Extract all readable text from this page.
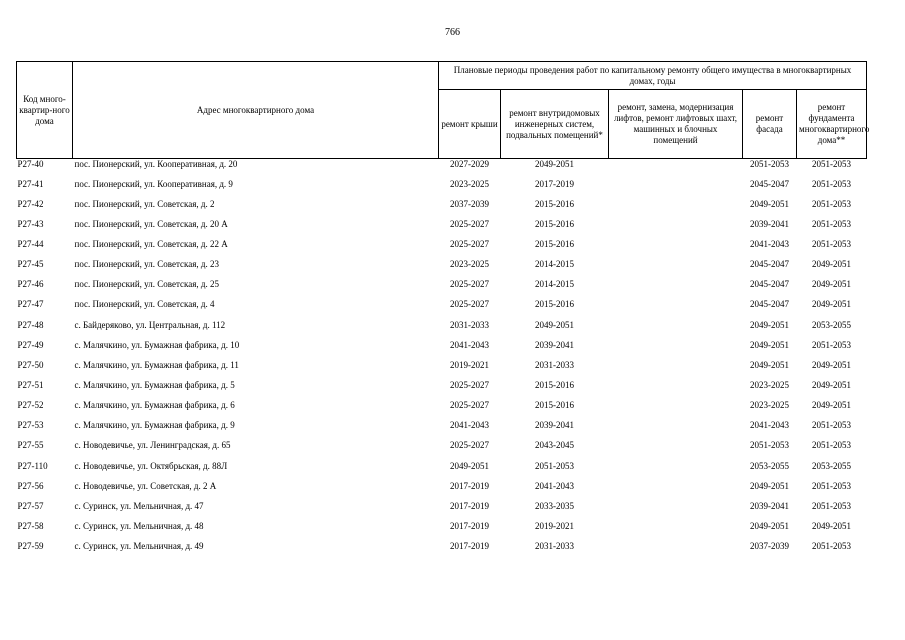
766
Код много-квартир-ного дома	Адрес многоквартирного дома	Плановые периоды проведения работ по капитальному ремонту общего имущества в многоквартирных домах, годы				
		ремонт крыши	ремонт внутридомовых инженерных систем, подвальных помещений*	ремонт, замена, модернизация лифтов, ремонт лифтовых шахт, машинных и блочных помещений	ремонт фасада	ремонт фундамента многоквартирного дома**
P27-40	пос. Пионерский, ул. Кооперативная, д. 20	2027-2029	2049-2051		2051-2053	2051-2053
P27-41	пос. Пионерский, ул. Кооперативная, д. 9	2023-2025	2017-2019		2045-2047	2051-2053
P27-42	пос. Пионерский, ул. Советская, д. 2	2037-2039	2015-2016		2049-2051	2051-2053
P27-43	пос. Пионерский, ул. Советская, д. 20 А	2025-2027	2015-2016		2039-2041	2051-2053
P27-44	пос. Пионерский, ул. Советская, д. 22 А	2025-2027	2015-2016		2041-2043	2051-2053
P27-45	пос. Пионерский, ул. Советская, д. 23	2023-2025	2014-2015		2045-2047	2049-2051
P27-46	пос. Пионерский, ул. Советская, д. 25	2025-2027	2014-2015		2045-2047	2049-2051
P27-47	пос. Пионерский, ул. Советская, д. 4	2025-2027	2015-2016		2045-2047	2049-2051
P27-48	с. Байдеряково, ул. Центральная, д. 112	2031-2033	2049-2051		2049-2051	2053-2055
P27-49	с. Малячкино, ул. Бумажная фабрика, д. 10	2041-2043	2039-2041		2049-2051	2051-2053
P27-50	с. Малячкино, ул. Бумажная фабрика, д. 11	2019-2021	2031-2033		2049-2051	2049-2051
P27-51	с. Малячкино, ул. Бумажная фабрика, д. 5	2025-2027	2015-2016		2023-2025	2049-2051
P27-52	с. Малячкино, ул. Бумажная фабрика, д. 6	2025-2027	2015-2016		2023-2025	2049-2051
P27-53	с. Малячкино, ул. Бумажная фабрика, д. 9	2041-2043	2039-2041		2041-2043	2051-2053
P27-55	с. Новодевичье, ул. Ленинградская, д. 65	2025-2027	2043-2045		2051-2053	2051-2053
P27-110	с. Новодевичье, ул. Октябрьская, д. 88Л	2049-2051	2051-2053		2053-2055	2053-2055
P27-56	с. Новодевичье, ул. Советская, д. 2 А	2017-2019	2041-2043		2049-2051	2051-2053
P27-57	с. Суринск, ул. Мельничная, д. 47	2017-2019	2033-2035		2039-2041	2051-2053
P27-58	с. Суринск, ул. Мельничная, д. 48	2017-2019	2019-2021		2049-2051	2049-2051
P27-59	с. Суринск, ул. Мельничная, д. 49	2017-2019	2031-2033		2037-2039	2051-2053
